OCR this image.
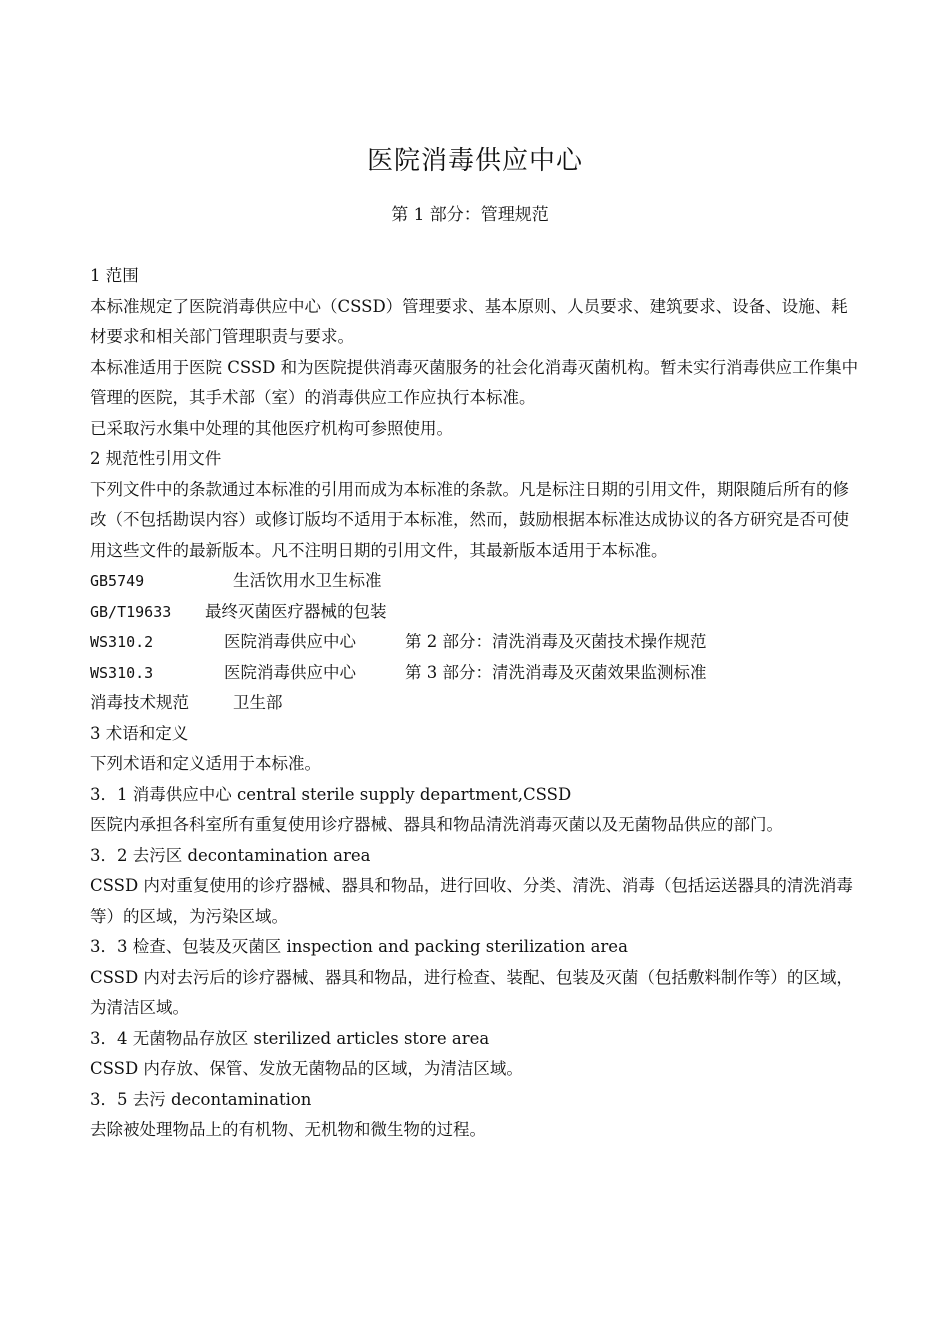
医院消毒供应中心
第 1 部分：管理规范
1 范围
本标准规定了医院消毒供应中心（CSSD）管理要求、基本原则、人员要求、建筑要求、设备、设施、耗材要求和相关部门管理职责与要求。
本标准适用于医院 CSSD 和为医院提供消毒灭菌服务的社会化消毒灭菌机构。暂未实行消毒供应工作集中管理的医院，其手术部（室）的消毒供应工作应执行本标准。
已采取污水集中处理的其他医疗机构可参照使用。
2 规范性引用文件
下列文件中的条款通过本标准的引用而成为本标准的条款。凡是标注日期的引用文件，期限随后所有的修改（不包括勘误内容）或修订版均不适用于本标准，然而，鼓励根据本标准达成协议的各方研究是否可使用这些文件的最新版本。凡不注明日期的引用文件，其最新版本适用于本标准。
GB5749	生活饮用水卫生标准
GB/T19633 最终灭菌医疗器械的包装
WS310.2	医院消毒供应中心	第 2 部分：清洗消毒及灭菌技术操作规范
WS310.3	医院消毒供应中心	第 3 部分：清洗消毒及灭菌效果监测标准
消毒技术规范	卫生部
3 术语和定义
下列术语和定义适用于本标准。
3．1 消毒供应中心 central sterile supply department,CSSD
医院内承担各科室所有重复使用诊疗器械、器具和物品清洗消毒灭菌以及无菌物品供应的部门。
3．2 去污区 decontamination area
CSSD 内对重复使用的诊疗器械、器具和物品，进行回收、分类、清洗、消毒（包括运送器具的清洗消毒等）的区域，为污染区域。
3．3 检查、包装及灭菌区 inspection and packing sterilization area
CSSD 内对去污后的诊疗器械、器具和物品，进行检查、装配、包装及灭菌（包括敷料制作等）的区域，为清洁区域。
3．4 无菌物品存放区 sterilized articles store area
CSSD 内存放、保管、发放无菌物品的区域，为清洁区域。
3．5 去污 decontamination
去除被处理物品上的有机物、无机物和微生物的过程。
